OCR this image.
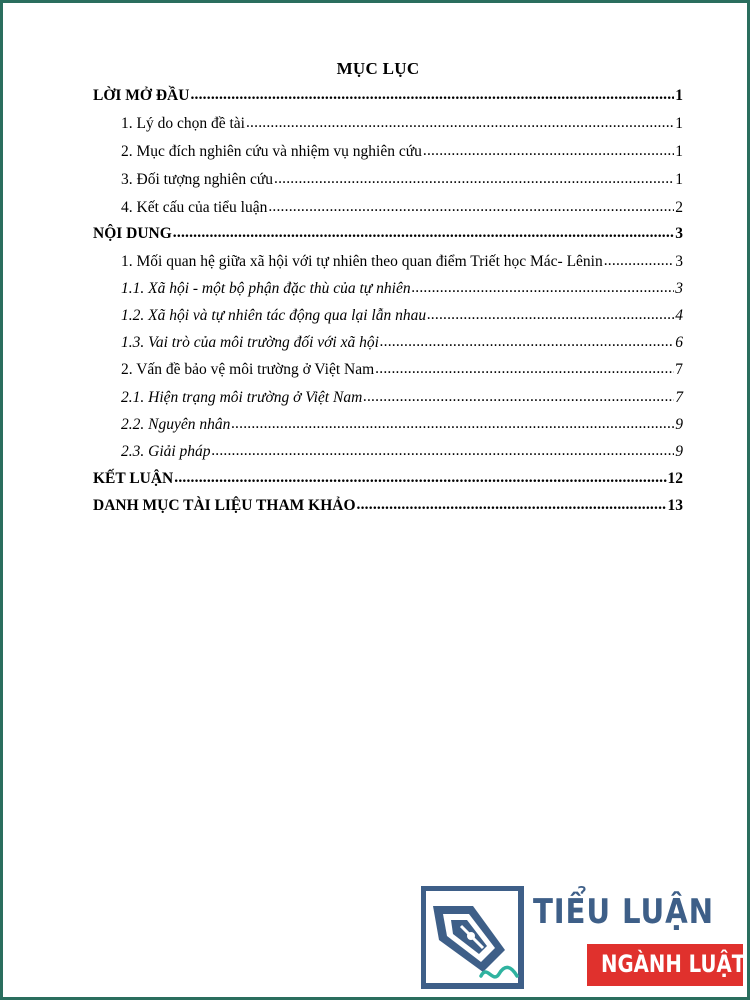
MỤC LỤC
LỜI MỞ ĐẦU .....	1
1. Lý do chọn đề tài .....	1
2. Mục đích nghiên cứu và nhiệm vụ nghiên cứu .....	1
3. Đối tượng nghiên cứu .....	1
4. Kết cấu của tiểu luận .....	2
NỘI DUNG .....	3
1. Mối quan hệ giữa xã hội với tự nhiên theo quan điểm Triết học Mác- Lênin .....	3
1.1. Xã hội - một bộ phận đặc thù của tự nhiên .....	3
1.2. Xã hội và tự nhiên tác động qua lại lẫn nhau .....	4
1.3. Vai trò của môi trường đối với xã hội .....	6
2. Vấn đề bảo vệ môi trường ở Việt Nam .....	7
2.1. Hiện trạng môi trường ở Việt Nam .....	7
2.2. Nguyên nhân .....	9
2.3. Giải pháp .....	9
KẾT LUẬN .....	12
DANH MỤC TÀI LIỆU THAM KHẢO .....	13
TIỂU LUẬN
NGÀNH LUẬT
